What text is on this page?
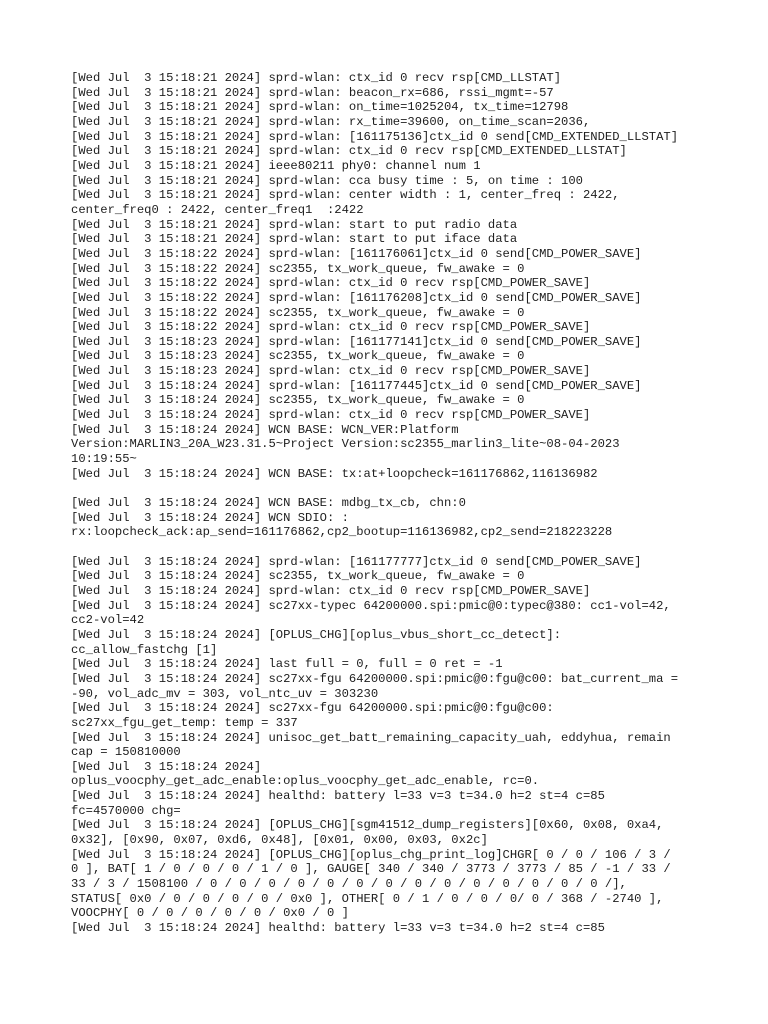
[Wed Jul  3 15:18:21 2024] sprd-wlan: ctx_id 0 recv rsp[CMD_LLSTAT]
[Wed Jul  3 15:18:21 2024] sprd-wlan: beacon_rx=686, rssi_mgmt=-57
[Wed Jul  3 15:18:21 2024] sprd-wlan: on_time=1025204, tx_time=12798
[Wed Jul  3 15:18:21 2024] sprd-wlan: rx_time=39600, on_time_scan=2036,
[Wed Jul  3 15:18:21 2024] sprd-wlan: [161175136]ctx_id 0 send[CMD_EXTENDED_LLSTAT]
[Wed Jul  3 15:18:21 2024] sprd-wlan: ctx_id 0 recv rsp[CMD_EXTENDED_LLSTAT]
[Wed Jul  3 15:18:21 2024] ieee80211 phy0: channel num 1
[Wed Jul  3 15:18:21 2024] sprd-wlan: cca busy time : 5, on time : 100
[Wed Jul  3 15:18:21 2024] sprd-wlan: center width : 1, center_freq : 2422,
center_freq0 : 2422, center_freq1  :2422
[Wed Jul  3 15:18:21 2024] sprd-wlan: start to put radio data
[Wed Jul  3 15:18:21 2024] sprd-wlan: start to put iface data
[Wed Jul  3 15:18:22 2024] sprd-wlan: [161176061]ctx_id 0 send[CMD_POWER_SAVE]
[Wed Jul  3 15:18:22 2024] sc2355, tx_work_queue, fw_awake = 0
[Wed Jul  3 15:18:22 2024] sprd-wlan: ctx_id 0 recv rsp[CMD_POWER_SAVE]
[Wed Jul  3 15:18:22 2024] sprd-wlan: [161176208]ctx_id 0 send[CMD_POWER_SAVE]
[Wed Jul  3 15:18:22 2024] sc2355, tx_work_queue, fw_awake = 0
[Wed Jul  3 15:18:22 2024] sprd-wlan: ctx_id 0 recv rsp[CMD_POWER_SAVE]
[Wed Jul  3 15:18:23 2024] sprd-wlan: [161177141]ctx_id 0 send[CMD_POWER_SAVE]
[Wed Jul  3 15:18:23 2024] sc2355, tx_work_queue, fw_awake = 0
[Wed Jul  3 15:18:23 2024] sprd-wlan: ctx_id 0 recv rsp[CMD_POWER_SAVE]
[Wed Jul  3 15:18:24 2024] sprd-wlan: [161177445]ctx_id 0 send[CMD_POWER_SAVE]
[Wed Jul  3 15:18:24 2024] sc2355, tx_work_queue, fw_awake = 0
[Wed Jul  3 15:18:24 2024] sprd-wlan: ctx_id 0 recv rsp[CMD_POWER_SAVE]
[Wed Jul  3 15:18:24 2024] WCN BASE: WCN_VER:Platform
Version:MARLIN3_20A_W23.31.5~Project Version:sc2355_marlin3_lite~08-04-2023
10:19:55~
[Wed Jul  3 15:18:24 2024] WCN BASE: tx:at+loopcheck=161176862,116136982
[Wed Jul  3 15:18:24 2024] WCN BASE: mdbg_tx_cb, chn:0
[Wed Jul  3 15:18:24 2024] WCN SDIO: :
rx:loopcheck_ack:ap_send=161176862,cp2_bootup=116136982,cp2_send=218223228
[Wed Jul  3 15:18:24 2024] sprd-wlan: [161177777]ctx_id 0 send[CMD_POWER_SAVE]
[Wed Jul  3 15:18:24 2024] sc2355, tx_work_queue, fw_awake = 0
[Wed Jul  3 15:18:24 2024] sprd-wlan: ctx_id 0 recv rsp[CMD_POWER_SAVE]
[Wed Jul  3 15:18:24 2024] sc27xx-typec 64200000.spi:pmic@0:typec@380: cc1-vol=42,
cc2-vol=42
[Wed Jul  3 15:18:24 2024] [OPLUS_CHG][oplus_vbus_short_cc_detect]:
cc_allow_fastchg [1]
[Wed Jul  3 15:18:24 2024] last full = 0, full = 0 ret = -1
[Wed Jul  3 15:18:24 2024] sc27xx-fgu 64200000.spi:pmic@0:fgu@c00: bat_current_ma =
-90, vol_adc_mv = 303, vol_ntc_uv = 303230
[Wed Jul  3 15:18:24 2024] sc27xx-fgu 64200000.spi:pmic@0:fgu@c00:
sc27xx_fgu_get_temp: temp = 337
[Wed Jul  3 15:18:24 2024] unisoc_get_batt_remaining_capacity_uah, eddyhua, remain
cap = 150810000
[Wed Jul  3 15:18:24 2024]
oplus_voocphy_get_adc_enable:oplus_voocphy_get_adc_enable, rc=0.
[Wed Jul  3 15:18:24 2024] healthd: battery l=33 v=3 t=34.0 h=2 st=4 c=85
fc=4570000 chg=
[Wed Jul  3 15:18:24 2024] [OPLUS_CHG][sgm41512_dump_registers][0x60, 0x08, 0xa4,
0x32], [0x90, 0x07, 0xd6, 0x48], [0x01, 0x00, 0x03, 0x2c]
[Wed Jul  3 15:18:24 2024] [OPLUS_CHG][oplus_chg_print_log]CHGR[ 0 / 0 / 106 / 3 /
0 ], BAT[ 1 / 0 / 0 / 0 / 1 / 0 ], GAUGE[ 340 / 340 / 3773 / 3773 / 85 / -1 / 33 /
33 / 3 / 1508100 / 0 / 0 / 0 / 0 / 0 / 0 / 0 / 0 / 0 / 0 / 0 / 0 / 0 / 0 /],
STATUS[ 0x0 / 0 / 0 / 0 / 0 / 0x0 ], OTHER[ 0 / 1 / 0 / 0 / 0/ 0 / 368 / -2740 ],
VOOCPHY[ 0 / 0 / 0 / 0 / 0 / 0x0 / 0 ]
[Wed Jul  3 15:18:24 2024] healthd: battery l=33 v=3 t=34.0 h=2 st=4 c=85
